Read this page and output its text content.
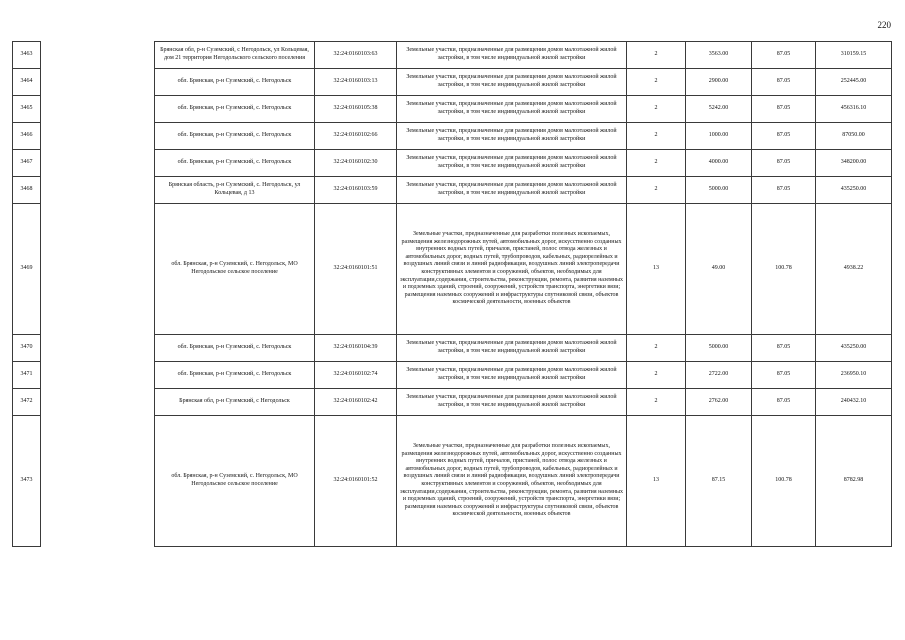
220
3463		Брянская обл, р-н Суземский, с Негодольск, ул Кольцевая, дом 21 территория Негодольского сельского поселения	32:24:0160103:63	Земельные участки, предназначенные для размещения домов малоэтажной жилой застройки, в том числе индивидуальной жилой застройки	2	3563.00	87.05	310159.15
3464		обл. Брянская, р-н Суземский, с. Негодольск	32:24:0160103:13	Земельные участки, предназначенные для размещения домов малоэтажной жилой застройки, в том числе индивидуальной жилой застройки	2	2900.00	87.05	252445.00
3465		обл. Брянская, р-н Суземский, с. Негодольск	32:24:0160105:38	Земельные участки, предназначенные для размещения домов малоэтажной жилой застройки, в том числе индивидуальной жилой застройки	2	5242.00	87.05	456316.10
3466		обл. Брянская, р-н Суземский, с. Негодольск	32:24:0160102:66	Земельные участки, предназначенные для размещения домов малоэтажной жилой застройки, в том числе индивидуальной жилой застройки	2	1000.00	87.05	87050.00
3467		обл. Брянская, р-н Суземский, с. Негодольск	32:24:0160102:30	Земельные участки, предназначенные для размещения домов малоэтажной жилой застройки, в том числе индивидуальной жилой застройки	2	4000.00	87.05	348200.00
3468		Брянская область, р-н Суземский, с. Негодольск, ул Кольцевая, д 13	32:24:0160103:59	Земельные участки, предназначенные для размещения домов малоэтажной жилой застройки, в том числе индивидуальной жилой застройки	2	5000.00	87.05	435250.00
3469		обл. Брянская, р-н Суземский, с. Негодольск, МО Негодольское сельское поселение	32:24:0160101:51	Земельные участки, предназначенные для разработки полезных ископаемых, размещения железнодорожных путей, автомобильных дорог, искусственно созданных внутренних водных путей, причалов, пристаней, полос отвода железных и автомобильных дорог, водных путей, трубопроводов, кабельных, радиорелейных и воздушных линий связи и линий радиофикации, воздушных линий электропередачи конструктивных элементов и сооружений, объектов, необходимых для эксплуатации,содержания, строительства, реконструкции, ремонта, развития наземных и подземных зданий, строений, сооружений, устройств транспорта, энергетики вязи; размещения наземных сооружений и инфраструктуры спутниковой связи, объектов космической деятельности, военных объектов	13	49.00	100.78	4938.22
3470		обл. Брянская, р-н Суземский, с. Негодольск	32:24:0160104:39	Земельные участки, предназначенные для размещения домов малоэтажной жилой застройки, в том числе индивидуальной жилой застройки	2	5000.00	87.05	435250.00
3471		обл. Брянская, р-н Суземский, с. Негодольск	32:24:0160102:74	Земельные участки, предназначенные для размещения домов малоэтажной жилой застройки, в том числе индивидуальной жилой застройки	2	2722.00	87.05	236950.10
3472		Брянская обл, р-н Суземский, с Негодольск	32:24:0160102:42	Земельные участки, предназначенные для размещения домов малоэтажной жилой застройки, в том числе индивидуальной жилой застройки	2	2762.00	87.05	240432.10
3473		обл. Брянская, р-н Суземский, с. Негодольск, МО Негодольское сельское поселение	32:24:0160101:52	Земельные участки, предназначенные для разработки полезных ископаемых, размещения железнодорожных путей, автомобильных дорог, искусственно созданных внутренних водных путей, причалов, пристаней, полос отвода железных и автомобильных дорог, водных путей, трубопроводов, кабельных, радиорелейных и воздушных линий связи и линий радиофикации, воздушных линий электропередачи конструктивных элементов и сооружений, объектов, необходимых для эксплуатации,содержания, строительства, реконструкции, ремонта, развития наземных и подземных зданий, строений, сооружений, устройств транспорта, энергетики вязи; размещения наземных сооружений и инфраструктуры спутниковой связи, объектов космической деятельности, военных объектов	13	87.15	100.78	8782.98
